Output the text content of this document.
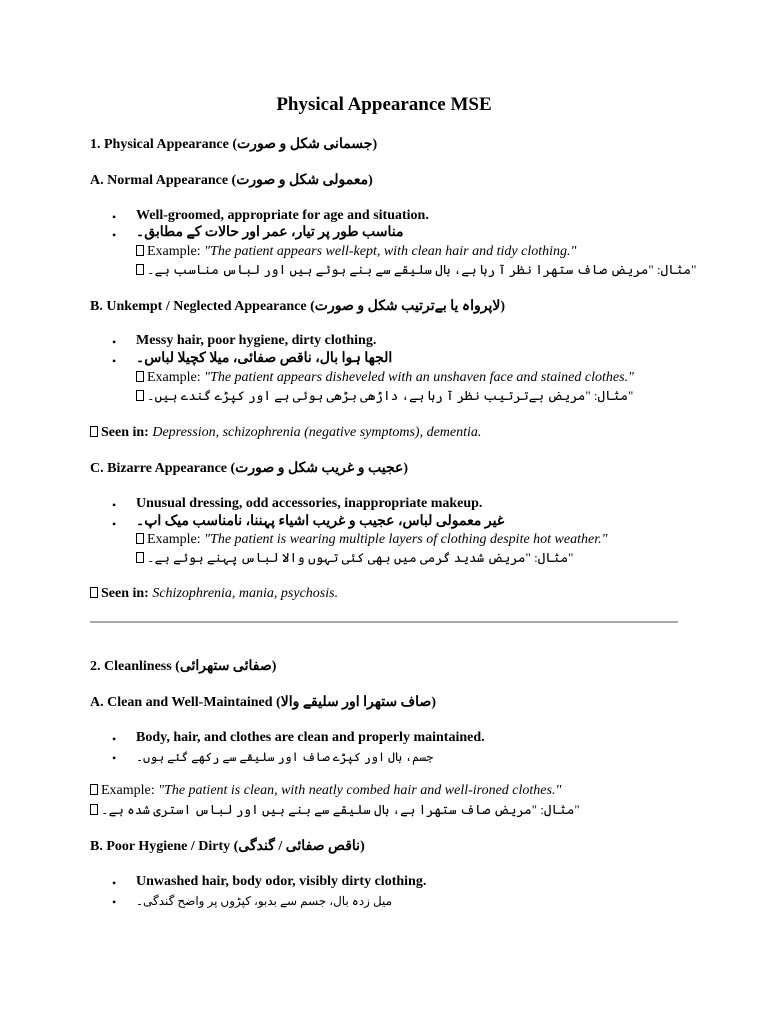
Physical Appearance MSE
1. Physical Appearance (جسمانی شکل و صورت)
A. Normal Appearance (معمولی شکل و صورت)
• Well-groomed, appropriate for age and situation.
• مناسب طور پر تیار، عمر اور حالات کے مطابق۔
Example: "The patient appears well-kept, with clean hair and tidy clothing."
مثال: "مریض صاف ستھرا نظر آ رہا ہے، بال سلیقے سے بنے ہوئے ہیں اور لباس مناسب ہے۔"
B. Unkempt / Neglected Appearance (لاپرواہ یا بےترتیب شکل و صورت)
• Messy hair, poor hygiene, dirty clothing.
• الجھا ہوا بال، ناقص صفائی، میلا کچیلا لباس۔
Example: "The patient appears disheveled with an unshaven face and stained clothes."
مثال: "مریض بےترتیب نظر آ رہا ہے، داڑھی بڑھی ہوئی ہے اور کپڑے گندے ہیں۔"
Seen in: Depression, schizophrenia (negative symptoms), dementia.
C. Bizarre Appearance (عجیب و غریب شکل و صورت)
• Unusual dressing, odd accessories, inappropriate makeup.
• غیر معمولی لباس، عجیب و غریب اشیاء پہننا، نامناسب میک اپ۔
Example: "The patient is wearing multiple layers of clothing despite hot weather."
مثال: "مریض شدید گرمی میں بھی کئی تہوں والا لباس پہنے ہوئے ہے۔"
Seen in: Schizophrenia, mania, psychosis.
2. Cleanliness (صفائی ستھرائی)
A. Clean and Well-Maintained (صاف ستھرا اور سلیقے والا)
• Body, hair, and clothes are clean and properly maintained.
• جسم، بال اور کپڑے صاف اور سلیقے سے رکھے گئے ہوں۔
Example: "The patient is clean, with neatly combed hair and well-ironed clothes."
مثال: "مریض صاف ستھرا ہے، بال سلیقے سے بنے ہیں اور لباس استری شدہ ہے۔"
B. Poor Hygiene / Dirty (ناقص صفائی / گندگی)
• Unwashed hair, body odor, visibly dirty clothing.
• میل زدہ بال، جسم سے بدبو، کپڑوں پر واضح گندگی۔
